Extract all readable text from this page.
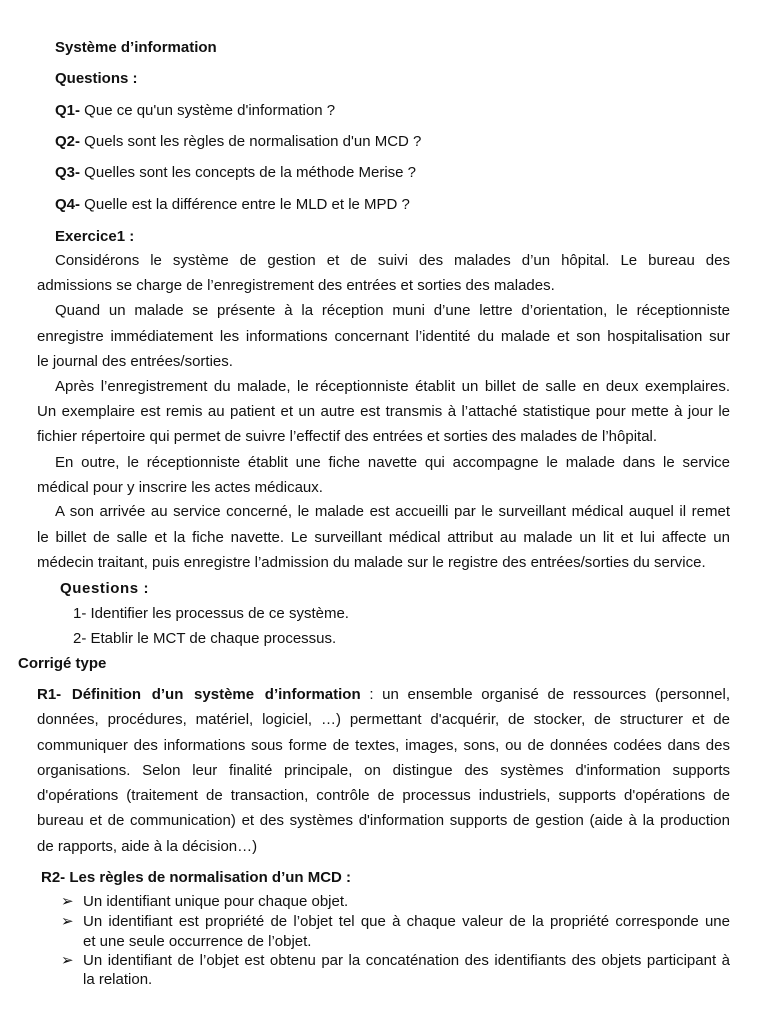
Système d’information
Questions :
Q1- Que ce qu'un système d'information ?
Q2- Quels sont les règles de normalisation d'un MCD ?
Q3- Quelles sont les concepts de la méthode Merise ?
Q4- Quelle est la différence entre le MLD et le MPD ?
Exercice1 :
Considérons le système de gestion et de suivi des malades d’un hôpital. Le bureau des
admissions se charge de l’enregistrement des entrées et sorties des malades.
Quand un malade se présente à la réception muni d’une lettre d’orientation, le réceptionniste
enregistre immédiatement les informations concernant l’identité du malade et son hospitalisation sur
le journal des entrées/sorties.
Après l’enregistrement du malade, le réceptionniste établit un billet de salle en deux exemplaires.
Un exemplaire est remis au patient et un autre est transmis à l’attaché statistique pour mette à jour le
fichier répertoire qui permet de suivre l’effectif des entrées et sorties des malades de l’hôpital.
En outre, le réceptionniste établit une fiche navette qui accompagne le malade dans le service
médical pour y inscrire les actes médicaux.
A son arrivée au service concerné, le malade est accueilli par le surveillant médical auquel il remet
le billet de salle et la fiche navette. Le surveillant médical attribut au malade un lit et lui affecte un
médecin traitant, puis enregistre l’admission du malade sur le registre des entrées/sorties du service.
Questions :
1- Identifier les processus de ce système.
2- Etablir le MCT de chaque processus.
Corrigé type
R1- Définition d’un système d’information : un ensemble organisé de ressources (personnel,
données, procédures, matériel, logiciel, …) permettant d'acquérir, de stocker, de structurer et de
communiquer des informations sous forme de textes, images, sons, ou de données codées dans des
organisations. Selon leur finalité principale, on distingue des systèmes d'information supports
d'opérations (traitement de transaction, contrôle de processus industriels, supports d'opérations de
bureau et de communication) et des systèmes d'information supports de gestion (aide à la production
de rapports, aide à la décision…)
R2- Les règles de normalisation d’un MCD :
➢ Un identifiant unique pour chaque objet.
➢ Un identifiant est propriété de l’objet tel que à chaque valeur de la propriété corresponde une
et une seule occurrence de l’objet.
➢ Un identifiant de l’objet est obtenu par la concaténation des identifiants des objets participant à
la relation.
